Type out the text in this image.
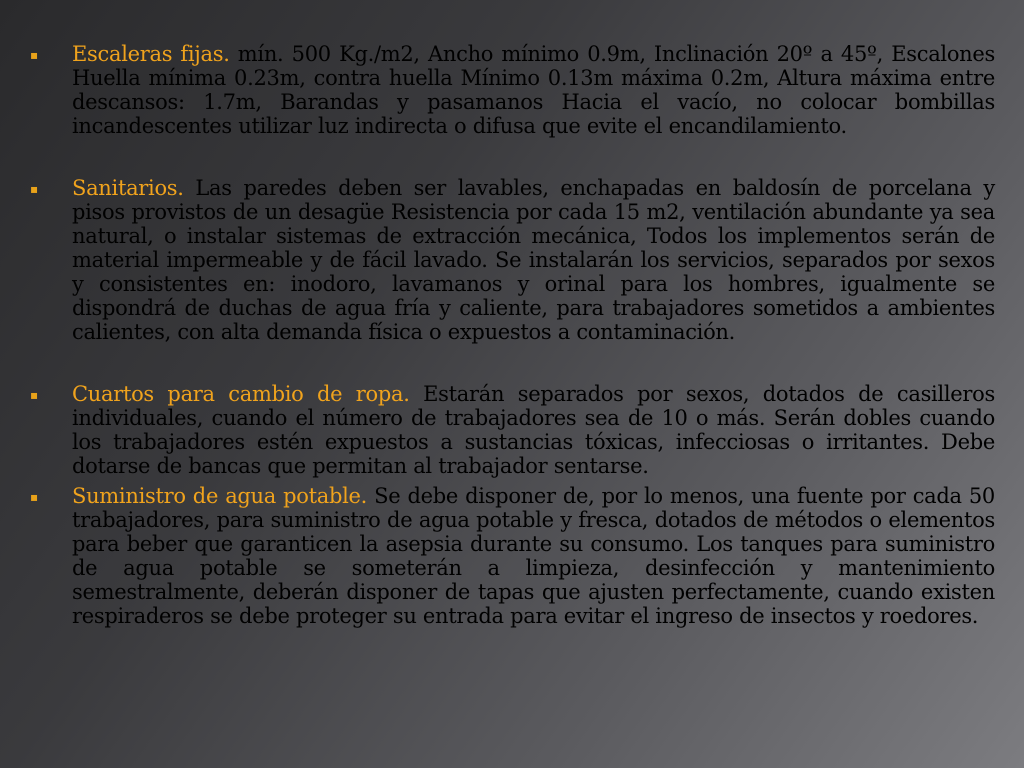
▪ Escaleras fijas. mín. 500 Kg./m2, Ancho mínimo 0.9m, Inclinación 20º a 45º, Escalones Huella mínima 0.23m, contra huella Mínimo 0.13m máxima 0.2m, Altura máxima entre descansos: 1.7m, Barandas y pasamanos Hacia el vacío, no colocar bombillas incandescentes utilizar luz indirecta o difusa que evite el encandilamiento.
▪ Sanitarios. Las paredes deben ser lavables, enchapadas en baldosín de porcelana y pisos provistos de un desagüe Resistencia por cada 15 m2, ventilación abundante ya sea natural, o instalar sistemas de extracción mecánica, Todos los implementos serán de material impermeable y de fácil lavado. Se instalarán los servicios, separados por sexos y consistentes en: inodoro, lavamanos y orinal para los hombres, igualmente se dispondrá de duchas de agua fría y caliente, para trabajadores sometidos a ambientes calientes, con alta demanda física o expuestos a contaminación.
▪ Cuartos para cambio de ropa. Estarán separados por sexos, dotados de casilleros individuales, cuando el número de trabajadores sea de 10 o más. Serán dobles cuando los trabajadores estén expuestos a sustancias tóxicas, infecciosas o irritantes. Debe dotarse de bancas que permitan al trabajador sentarse.
▪ Suministro de agua potable. Se debe disponer de, por lo menos, una fuente por cada 50 trabajadores, para suministro de agua potable y fresca, dotados de métodos o elementos para beber que garanticen la asepsia durante su consumo. Los tanques para suministro de agua potable se someterán a limpieza, desinfección y mantenimiento semestralmente, deberán disponer de tapas que ajusten perfectamente, cuando existen respiraderos se debe proteger su entrada para evitar el ingreso de insectos y roedores.
